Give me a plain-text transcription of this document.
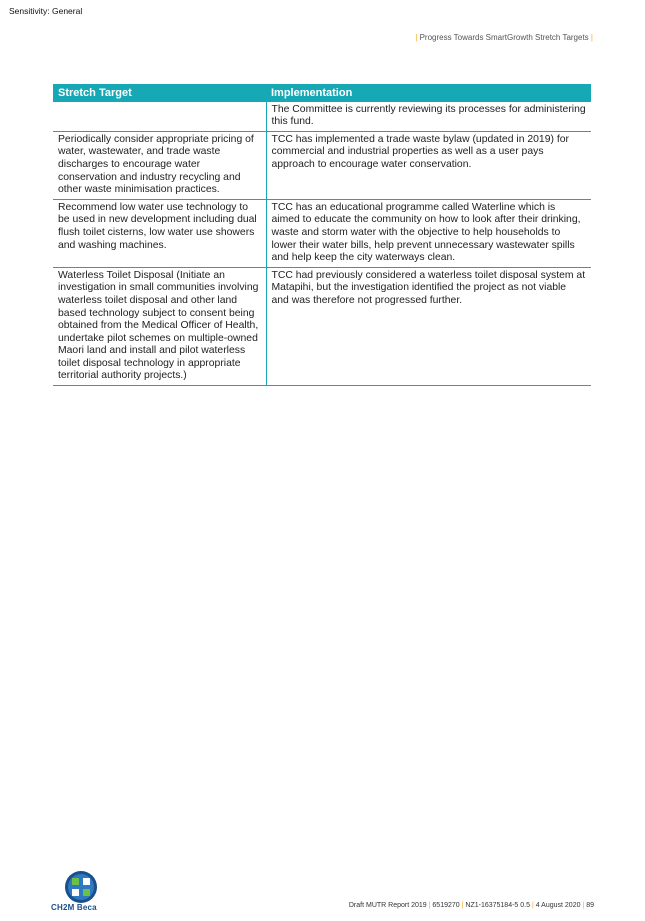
Sensitivity: General
| Progress Towards SmartGrowth Stretch Targets |
Stretch Target	Implementation
	The Committee is currently reviewing its processes for administering this fund.
Periodically consider appropriate pricing of water, wastewater, and trade waste discharges to encourage water conservation and industry recycling and other waste minimisation practices.	TCC has implemented a trade waste bylaw (updated in 2019) for commercial and industrial properties as well as a user pays approach to encourage water conservation.
Recommend low water use technology to be used in new development including dual flush toilet cisterns, low water use showers and washing machines.	TCC has an educational programme called Waterline which is aimed to educate the community on how to look after their drinking, waste and storm water with the objective to help households to lower their water bills, help prevent unnecessary wastewater spills and help keep the city waterways clean.
Waterless Toilet Disposal (Initiate an investigation in small communities involving waterless toilet disposal and other land based technology subject to consent being obtained from the Medical Officer of Health, undertake pilot schemes on multiple-owned Maori land and install and pilot waterless toilet disposal technology in appropriate territorial authority projects.)	TCC had previously considered a waterless toilet disposal system at Matapihi, but the investigation identified the project as not viable and was therefore not progressed further.
CH2M Beca	Draft MUTR Report 2019 | 6519270 | NZ1-16375184-5 0.5 | 4 August 2020 | 89
